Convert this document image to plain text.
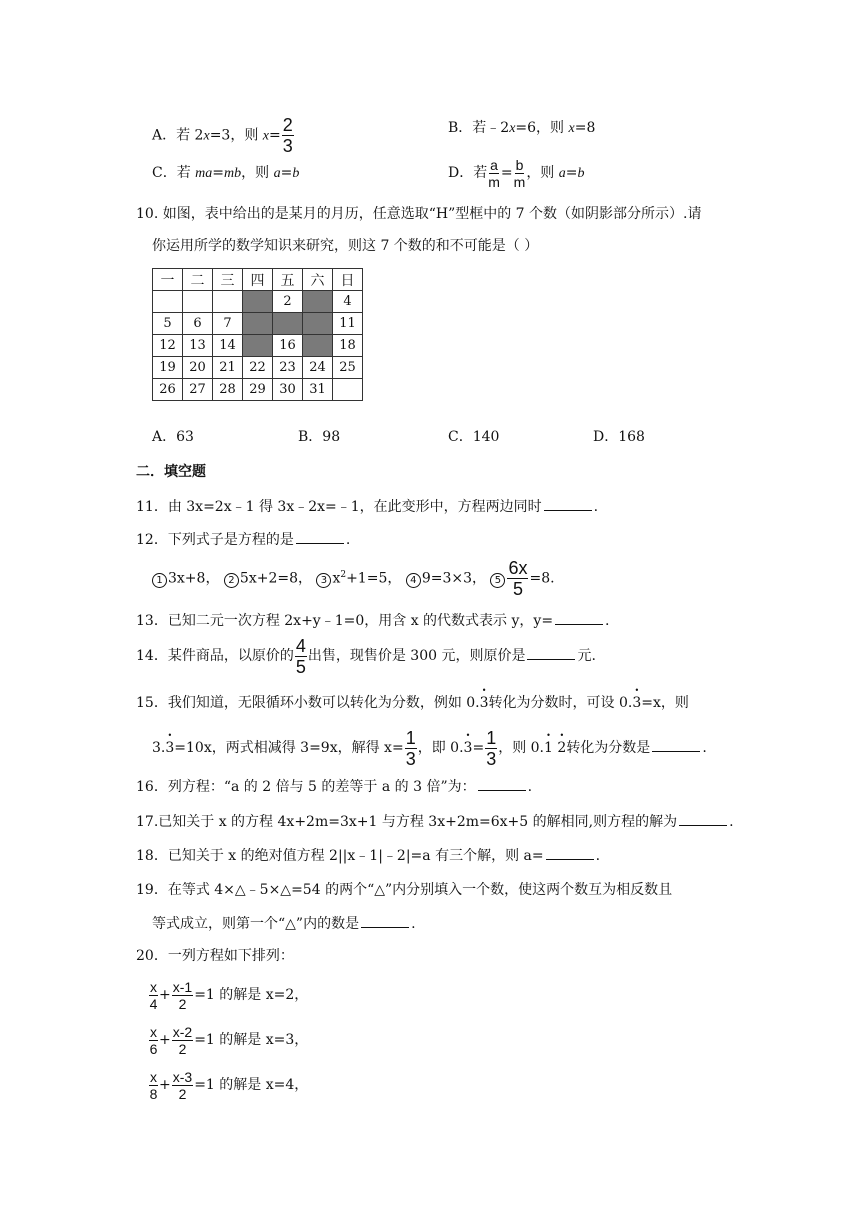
A．若 2x=3，则 $x= \frac{2}{3}$	B．若﹣2x=6，则 x=8
C．若 ma=mb，则 a=b	D．若 $\frac{a}{m} = \frac{b}{m}$ ，则 a=b
10. 如图，表中给出的是某月的月历，任意选取“H”型框中的 7 个数（如阴影部分所示）.请
你运用所学的数学知识来研究，则这 7 个数的和不可能是（ ）
一	二	三	四	五	六	日
				2		4
5	6	7				11
12	13	14		16		18
19	20	21	22	23	24	25
26	27	28	29	30	31	
A．63	B．98	C．140	D．168
二．填空题
11．由 3x=2x﹣1 得 3x﹣2x=﹣1，在此变形中，方程两边同时	.
12．下列式子是方程的是	.
1 3x+8， 2 5x+2=8， 3 $x^2+1=5$， 4 9=3×3， $5 \frac{6x}{5} =8$.
13．已知二元一次方程 2x+y﹣1=0，用含 x 的代数式表示 y，y=	.
14．某件商品，以原价的 $\frac{4}{5}$ 出售，现售价是 300 元，则原价是	元.
15．我们知道，无限循环小数可以转化为分数，例如 0.• 3转化为分数时，可设 0.• 3=x，则
3.• 3=10x，两式相减得 3=9x，解得 $x= \frac{1}{3}$ ，即 0.• $3= \frac{1}{3}$ ，则 0.• 1 • 2转化为分数是	.
16．列方程：“a 的 2 倍与 5 的差等于 a 的 3 倍”为：	.
17.已知关于 x 的方程 4x+2m=3x+1 与方程 3x+2m=6x+5 的解相同,则方程的解为	.
18．已知关于 x 的绝对值方程 2||x﹣1|﹣2|=a 有三个解，则 a=	.
19．在等式 4×△﹣5×△=54 的两个“△”内分别填入一个数，使这两个数互为相反数且
等式成立，则第一个“△”内的数是	.
20．一列方程如下排列：
$\frac{x}{4} + \frac{x-1}{2} =1$ 的解是 x=2，
$\frac{x}{6} + \frac{x-2}{2} =1$ 的解是 x=3，
$\frac{x}{8} + \frac{x-3}{2} =1$ 的解是 x=4，
